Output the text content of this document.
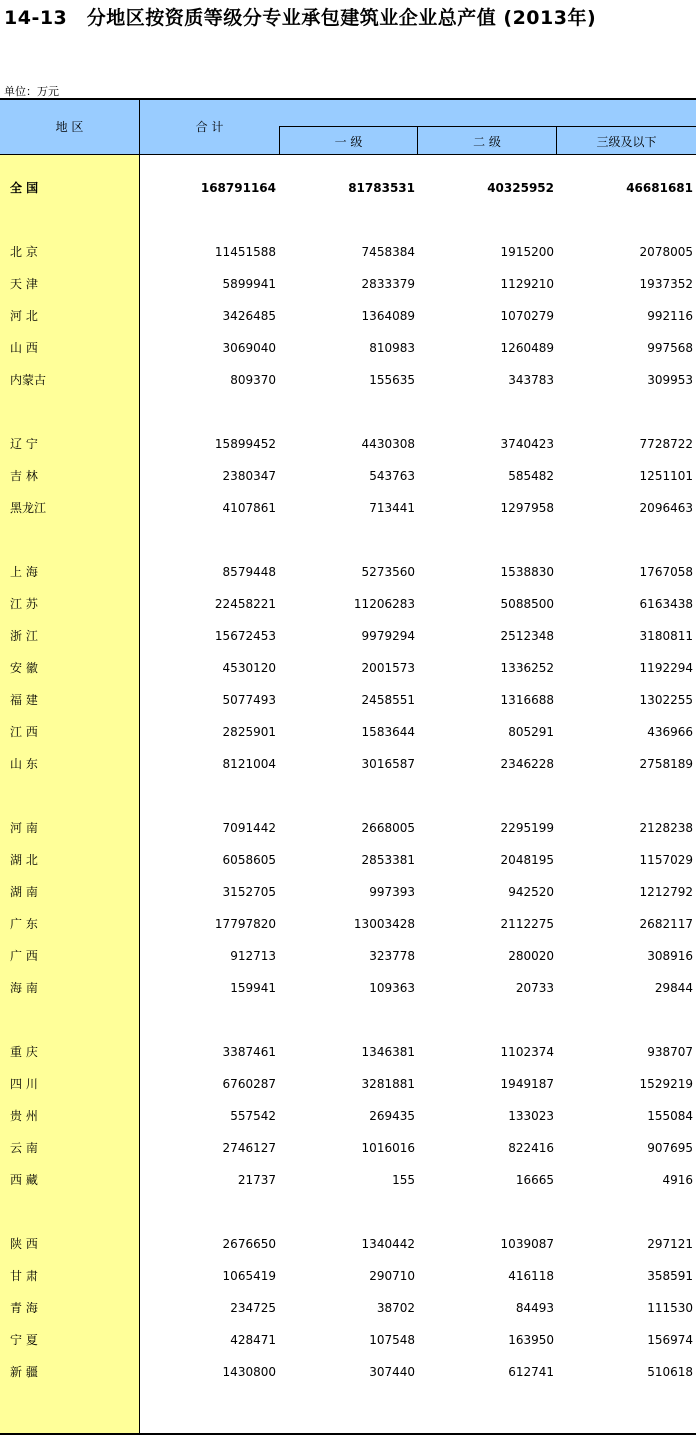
14-13　分地区按资质等级分专业承包建筑业企业总产值 (2013年)
单位：万元
地 区	合 计
一 级	二 级	三级及以下
全 国	168791164	81783531	40325952	46681681
北 京	11451588	7458384	1915200	2078005
天 津	5899941	2833379	1129210	1937352
河 北	3426485	1364089	1070279	992116
山 西	3069040	810983	1260489	997568
内蒙古	809370	155635	343783	309953
辽 宁	15899452	4430308	3740423	7728722
吉 林	2380347	543763	585482	1251101
黑龙江	4107861	713441	1297958	2096463
上 海	8579448	5273560	1538830	1767058
江 苏	22458221	11206283	5088500	6163438
浙 江	15672453	9979294	2512348	3180811
安 徽	4530120	2001573	1336252	1192294
福 建	5077493	2458551	1316688	1302255
江 西	2825901	1583644	805291	436966
山 东	8121004	3016587	2346228	2758189
河 南	7091442	2668005	2295199	2128238
湖 北	6058605	2853381	2048195	1157029
湖 南	3152705	997393	942520	1212792
广 东	17797820	13003428	2112275	2682117
广 西	912713	323778	280020	308916
海 南	159941	109363	20733	29844
重 庆	3387461	1346381	1102374	938707
四 川	6760287	3281881	1949187	1529219
贵 州	557542	269435	133023	155084
云 南	2746127	1016016	822416	907695
西 藏	21737	155	16665	4916
陕 西	2676650	1340442	1039087	297121
甘 肃	1065419	290710	416118	358591
青 海	234725	38702	84493	111530
宁 夏	428471	107548	163950	156974
新 疆	1430800	307440	612741	510618
